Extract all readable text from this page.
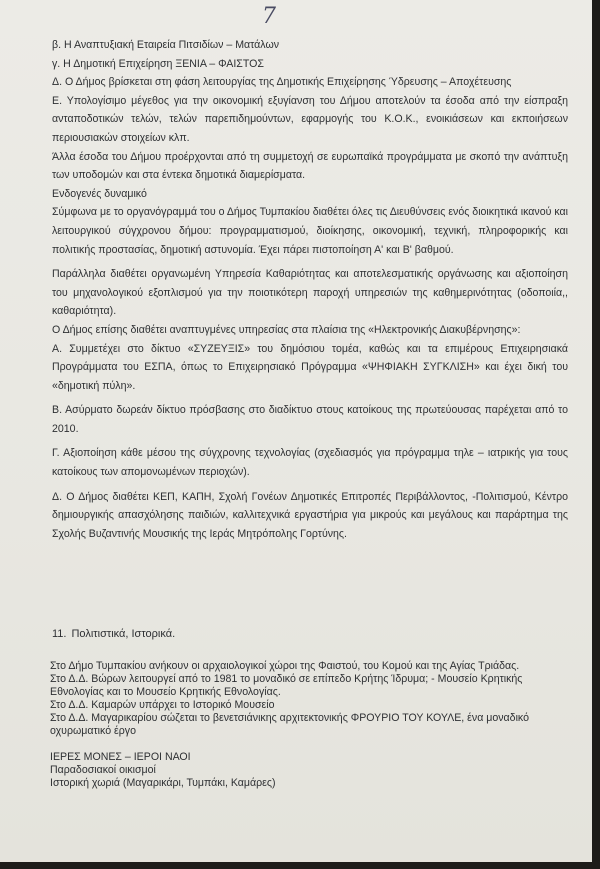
7

β. Η Αναπτυξιακή Εταιρεία Πιτσιδίων – Ματάλων

γ. Η Δημοτική Επιχείρηση ΞΕΝΙΑ – ΦΑΙΣΤΟΣ

Δ. Ο Δήμος βρίσκεται στη φάση λειτουργίας της Δημοτικής Επιχείρησης Ύδρευσης – Αποχέτευσης

Ε. Υπολογίσιμο μέγεθος για την οικονομική εξυγίανση του Δήμου αποτελούν τα έσοδα από την είσπραξη ανταποδοτικών τελών, τελών παρεπιδημούντων, εφαρμογής του Κ.Ο.Κ., ενοικιάσεων και εκποιήσεων περιουσιακών στοιχείων κλπ.

Άλλα έσοδα του Δήμου προέρχονται από τη συμμετοχή σε ευρωπαϊκά προγράμματα με σκοπό την ανάπτυξη των υποδομών και στα έντεκα δημοτικά διαμερίσματα.

Ενδογενές δυναμικό

Σύμφωνα με το οργανόγραμμά του ο Δήμος Τυμπακίου διαθέτει όλες τις Διευθύνσεις ενός διοικητικά ικανού και λειτουργικού σύγχρονου δήμου: προγραμματισμού, διοίκησης, οικονομική, τεχνική, πληροφορικής και πολιτικής προστασίας, δημοτική αστυνομία. Έχει πάρει πιστοποίηση Α' και Β' βαθμού.

Παράλληλα διαθέτει οργανωμένη Υπηρεσία Καθαριότητας και αποτελεσματικής οργάνωσης και αξιοποίηση του μηχανολογικού εξοπλισμού για την ποιοτικότερη παροχή υπηρεσιών της καθημερινότητας (οδοποιία,, καθαριότητα).

Ο Δήμος επίσης διαθέτει αναπτυγμένες υπηρεσίας στα πλαίσια της «Ηλεκτρονικής Διακυβέρνησης»:

Α. Συμμετέχει στο δίκτυο «ΣΥΖΕΥΞΙΣ» του δημόσιου τομέα, καθώς και τα επιμέρους Επιχειρησιακά Προγράμματα του ΕΣΠΑ, όπως το Επιχειρησιακό Πρόγραμμα «ΨΗΦΙΑΚΗ ΣΥΓΚΛΙΣΗ» και έχει δική του «δημοτική πύλη».

Β. Ασύρματο δωρεάν δίκτυο πρόσβασης στο διαδίκτυο στους κατοίκους της πρωτεύουσας παρέχεται από το 2010.

Γ. Αξιοποίηση κάθε μέσου της σύγχρονης τεχνολογίας (σχεδιασμός για πρόγραμμα τηλε – ιατρικής για τους κατοίκους των απομονωμένων περιοχών).

Δ. Ο Δήμος διαθέτει ΚΕΠ, ΚΑΠΗ, Σχολή Γονέων Δημοτικές Επιτροπές Περιβάλλοντος, -Πολιτισμού, Κέντρο δημιουργικής απασχόλησης παιδιών, καλλιτεχνικά εργαστήρια για μικρούς και μεγάλους και παράρτημα της Σχολής Βυζαντινής Μουσικής της Ιεράς Μητρόπολης Γορτύνης.

11. Πολιτιστικά, Ιστορικά.

Στο Δήμο Τυμπακίου ανήκουν οι αρχαιολογικοί χώροι της Φαιστού, του Κομού και της Αγίας Τριάδας.

Στο Δ.Δ. Βώρων λειτουργεί από το 1981 το μοναδικό σε επίπεδο Κρήτης Ίδρυμα; - Μουσείο Κρητικής Εθνολογίας και το Μουσείο Κρητικής Εθνολογίας.

Στο Δ.Δ. Καμαρών υπάρχει το Ιστορικό Μουσείο

Στο Δ.Δ. Μαγαρικαρίου σώζεται το βενετσιάνικης αρχιτεκτονικής ΦΡΟΥΡΙΟ ΤΟΥ ΚΟΥΛΕ, ένα μοναδικό οχυρωματικό έργο

ΙΕΡΕΣ ΜΟΝΕΣ – ΙΕΡΟΙ ΝΑΟΙ

Παραδοσιακοί οικισμοί

Ιστορική χωριά (Μαγαρικάρι, Τυμπάκι, Καμάρες)
